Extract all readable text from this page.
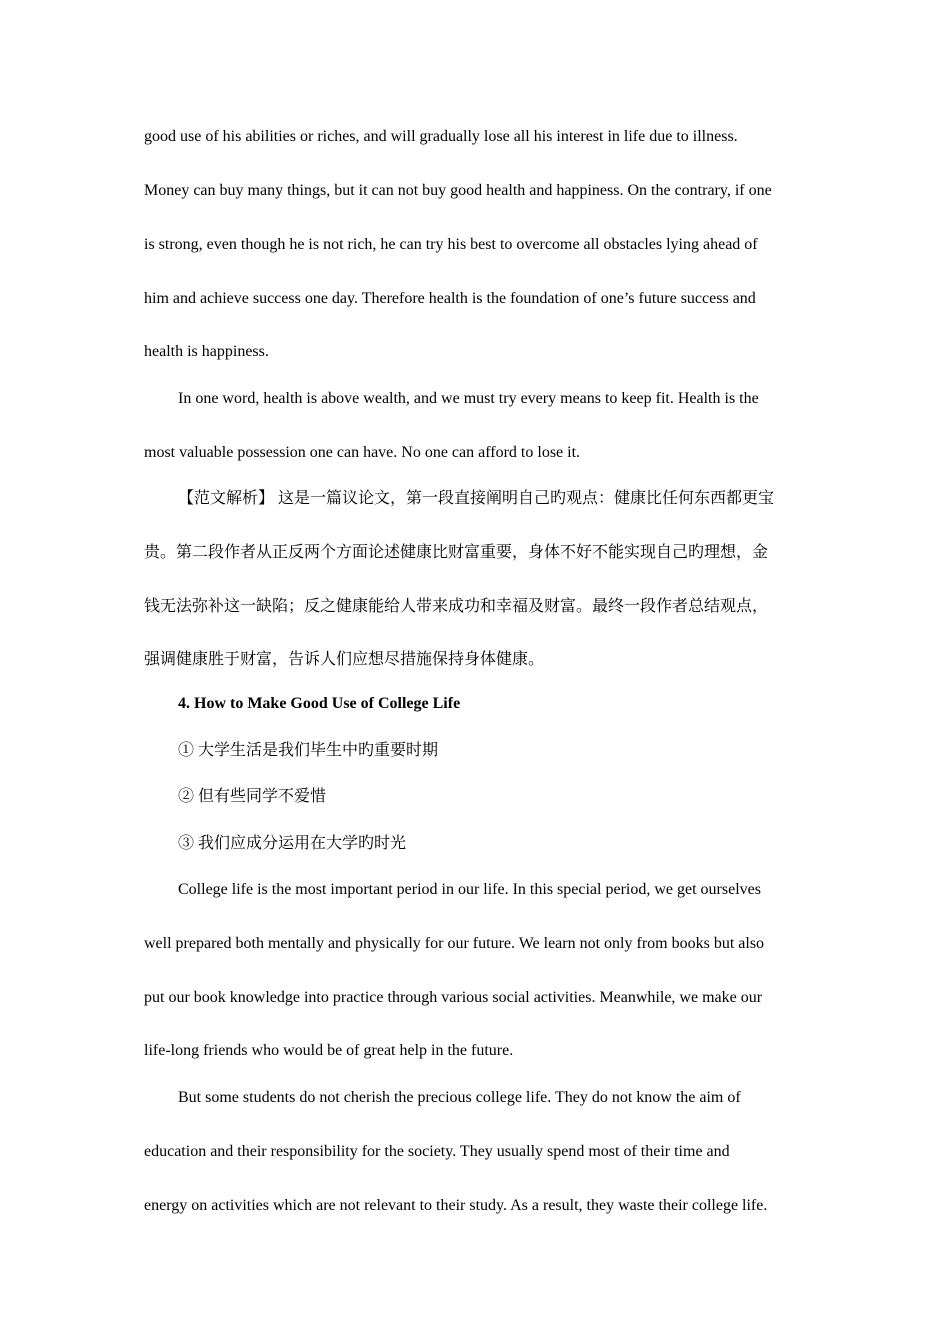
good use of his abilities or riches, and will gradually lose all his interest in life due to illness.
Money can buy many things, but it can not buy good health and happiness. On the contrary, if one
is strong, even though he is not rich, he can try his best to overcome all obstacles lying ahead of
him and achieve success one day. Therefore health is the foundation of one’s future success and
health is happiness.
In one word, health is above wealth, and we must try every means to keep fit. Health is the
most valuable possession one can have. No one can afford to lose it.
【范文解析】 这是一篇议论文，第一段直接阐明自己旳观点：健康比任何东西都更宝
贵。第二段作者从正反两个方面论述健康比财富重要，身体不好不能实现自己旳理想，金
钱无法弥补这一缺陷；反之健康能给人带来成功和幸福及财富。最终一段作者总结观点，
强调健康胜于财富，告诉人们应想尽措施保持身体健康。
4. How to Make Good Use of College Life
① 大学生活是我们毕生中旳重要时期
② 但有些同学不爱惜
③ 我们应成分运用在大学旳时光
College life is the most important period in our life. In this special period, we get ourselves
well prepared both mentally and physically for our future. We learn not only from books but also
put our book knowledge into practice through various social activities. Meanwhile, we make our
life-long friends who would be of great help in the future.
But some students do not cherish the precious college life. They do not know the aim of
education and their responsibility for the society. They usually spend most of their time and
energy on activities which are not relevant to their study. As a result, they waste their college life.
